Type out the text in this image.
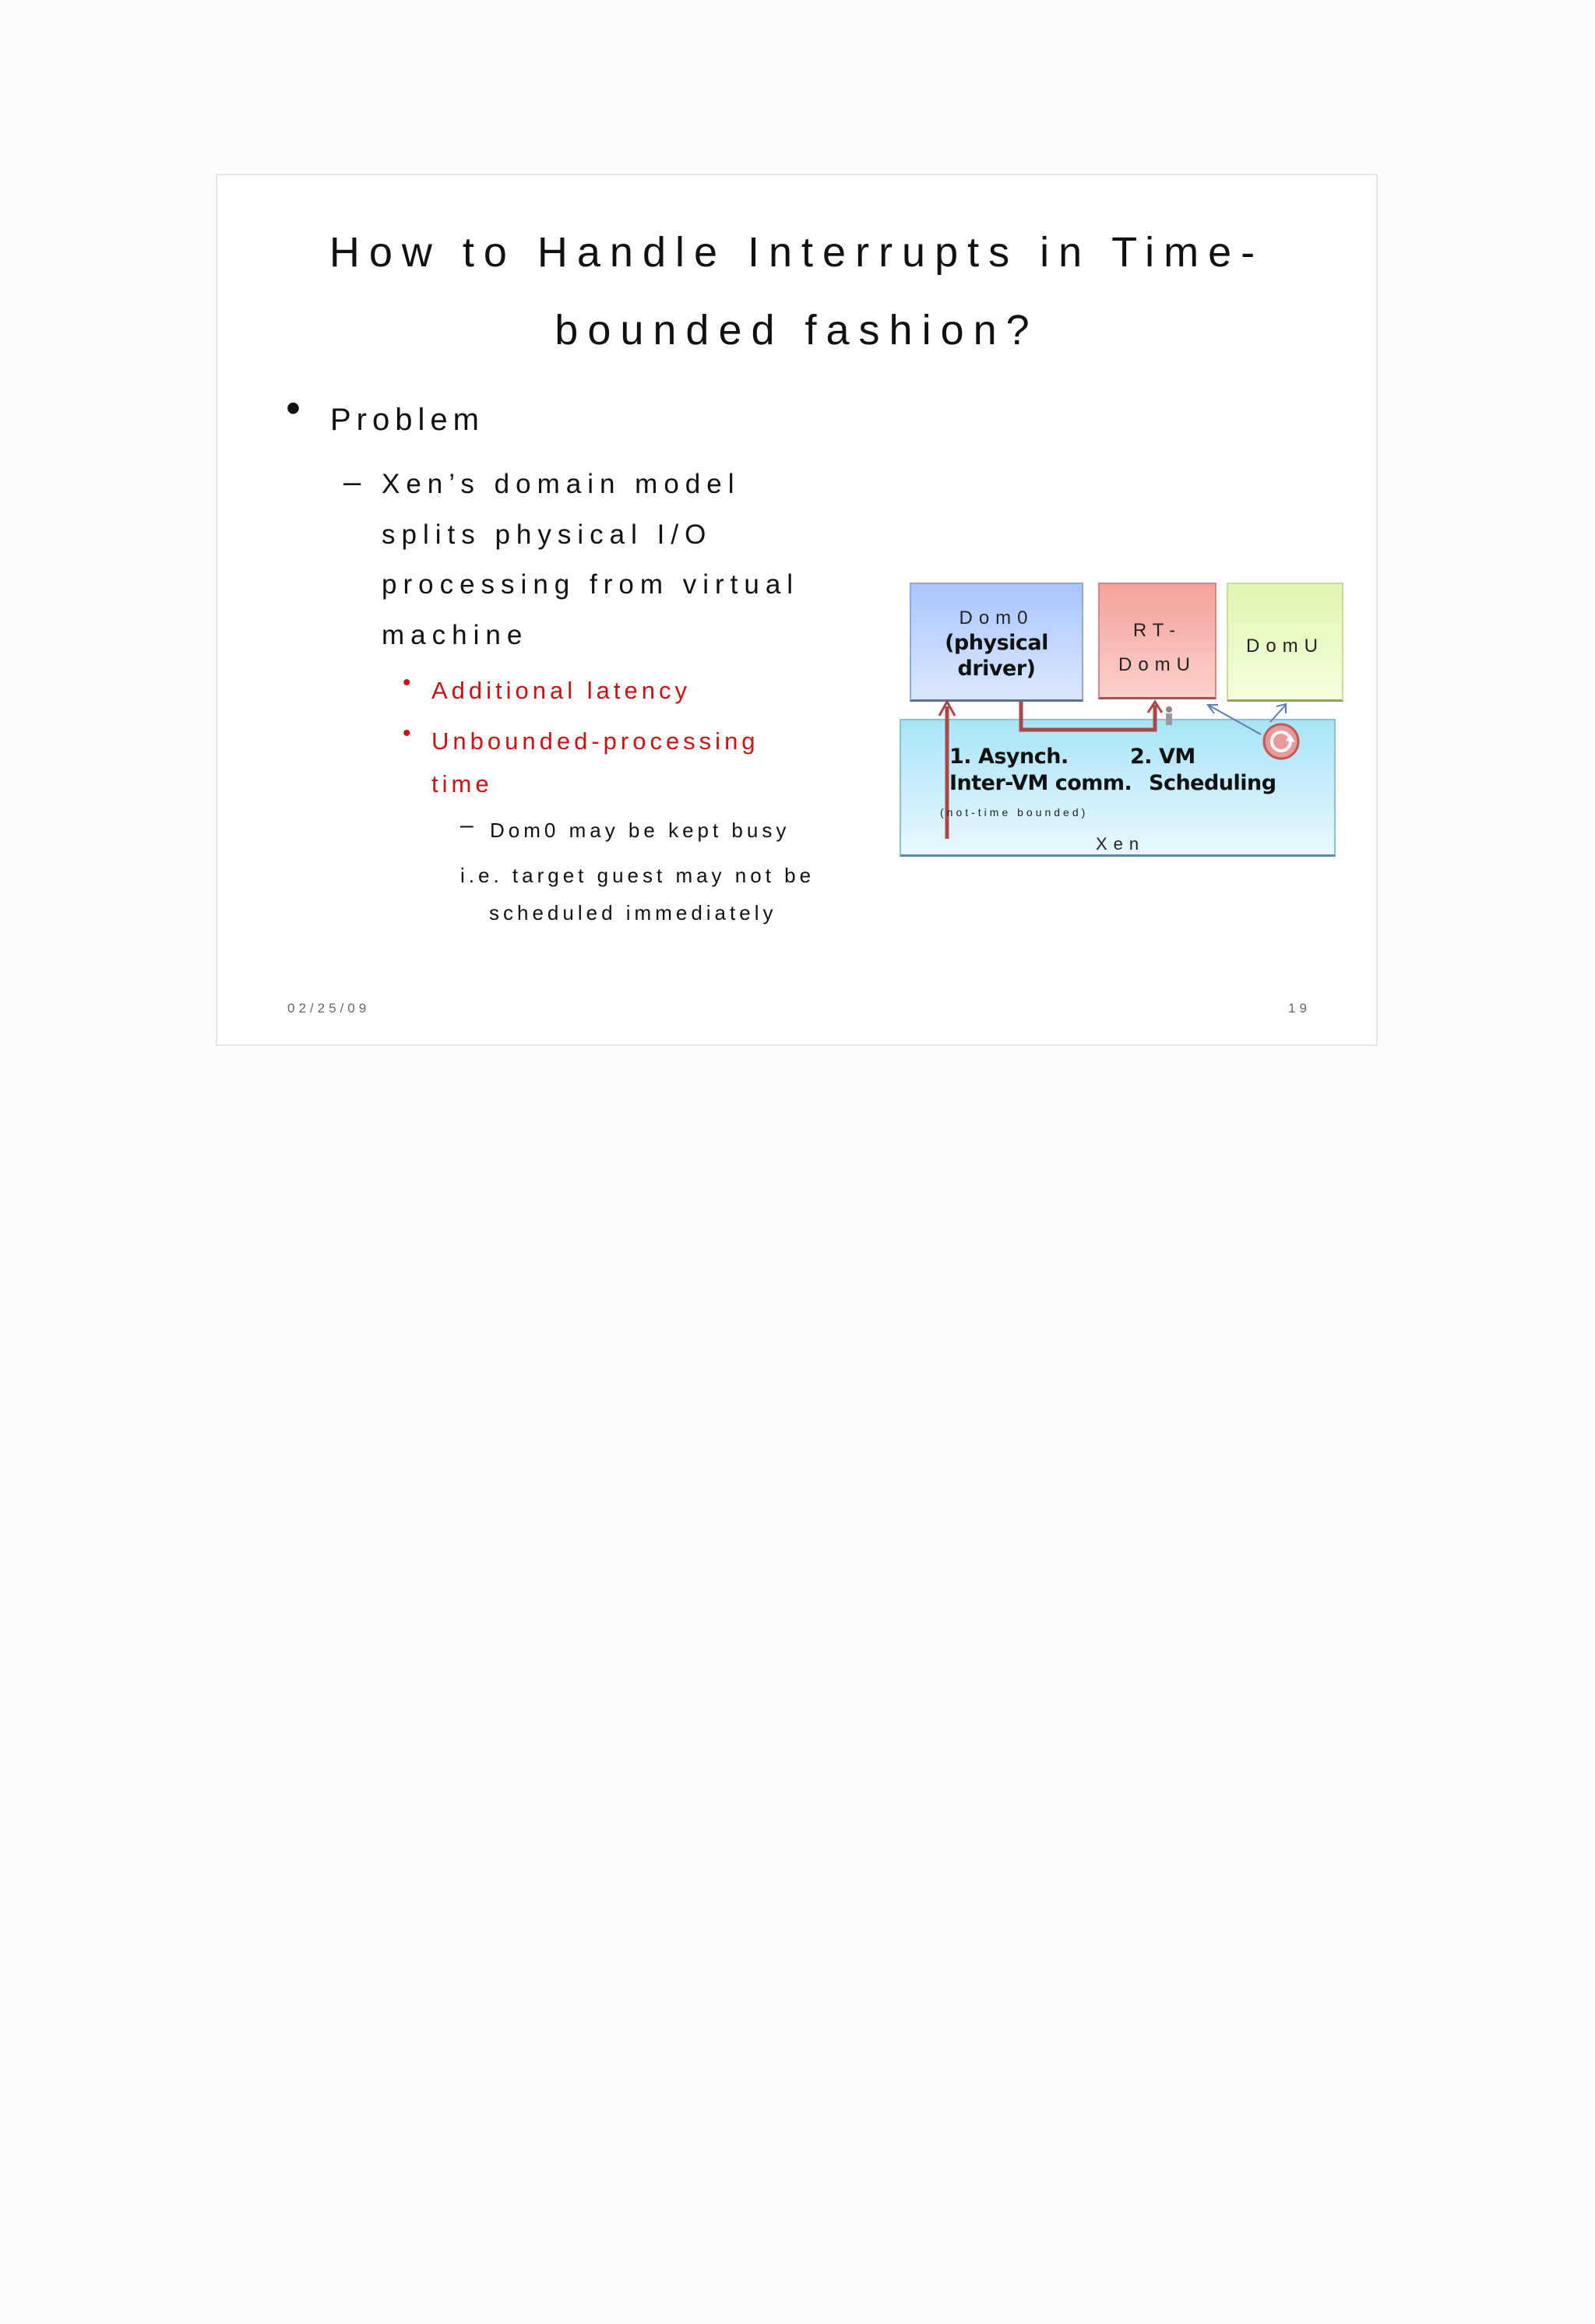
How to Handle Interrupts in Time-
bounded fashion?
• Problem
– Xen’s domain model
splits physical I/O
processing from virtual
machine
• Additional latency
• Unbounded-processing
time
– Dom0 may be kept busy
i.e. target guest may not be
scheduled immediately
02/25/09	19
Xen
Dom0
(physical
driver)
RT-
DomU
DomU
1. Asynch.
Inter-VM comm.
(not-time bounded)
2. VM
Scheduling
